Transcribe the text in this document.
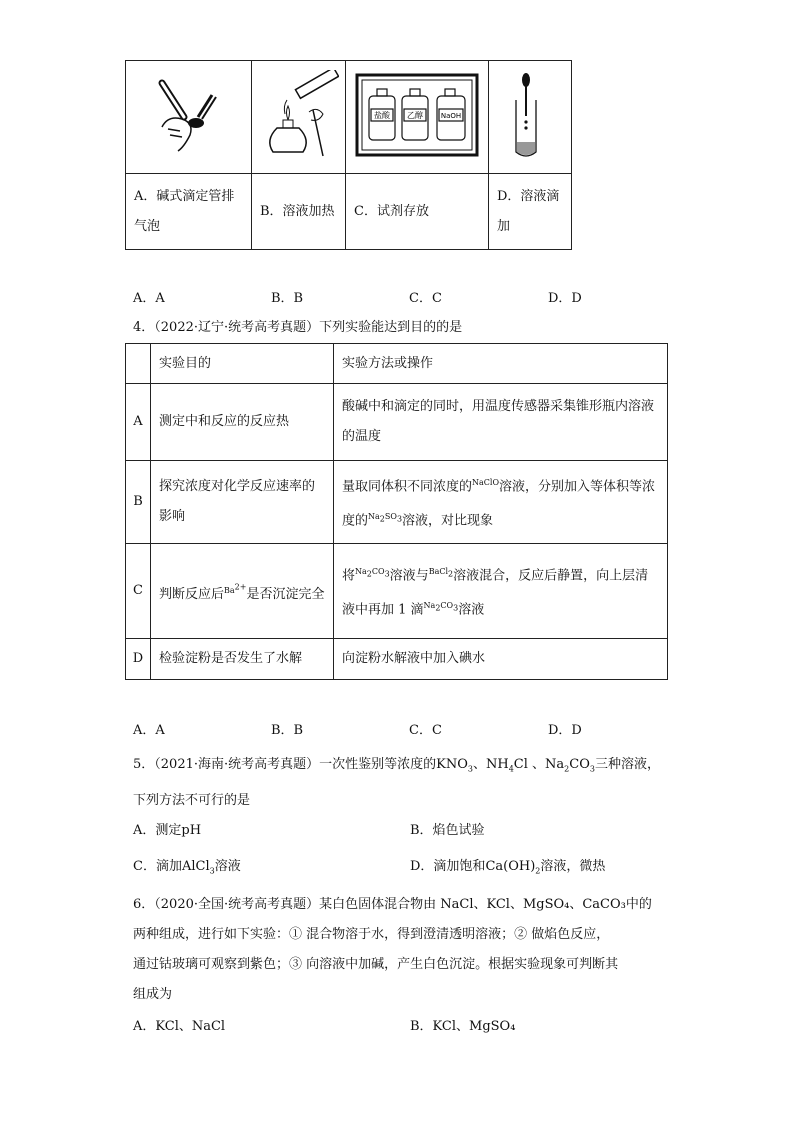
盐酸 乙醇 NaOH

A．碱式滴定管排气泡	B．溶液加热	C．试剂存放	D．溶液滴加
A．A	B．B	C．C	D．D
4．（2022·辽宁·统考高考真题）下列实验能达到目的的是
	实验目的	实验方法或操作
A	测定中和反应的反应热	酸碱中和滴定的同时，用温度传感器采集锥形瓶内溶液的温度
B	探究浓度对化学反应速率的影响	量取同体积不同浓度的$^{NaClO}$溶液，分别加入等体积等浓度的$^{Na_2SO_3}$溶液，对比现象
C	判断反应后$^{Ba^{2+}}$是否沉淀完全	将$^{Na_2CO_3}$溶液与$^{BaCl_2}$溶液混合，反应后静置，向上层清液中再加 1 滴$^{Na_2CO_3}$溶液
D	检验淀粉是否发生了水解	向淀粉水解液中加入碘水
A．A	B．B	C．C	D．D
5．（2021·海南·统考高考真题）一次性鉴别等浓度的$KNO_3$、$NH_4Cl$ 、$Na_2CO_3$三种溶液，
下列方法不可行的是
A．测定pH	B．焰色试验
C．滴加AlCl$_3$溶液	D．滴加饱和$Ca(OH)_2$溶液，微热
6．（2020·全国·统考高考真题）某白色固体混合物由 NaCl、KCl、MgSO₄、CaCO₃中的
两种组成，进行如下实验：① 混合物溶于水，得到澄清透明溶液；② 做焰色反应，
通过钴玻璃可观察到紫色；③ 向溶液中加碱，产生白色沉淀。根据实验现象可判断其
组成为
A．KCl、NaCl	B．KCl、MgSO₄
